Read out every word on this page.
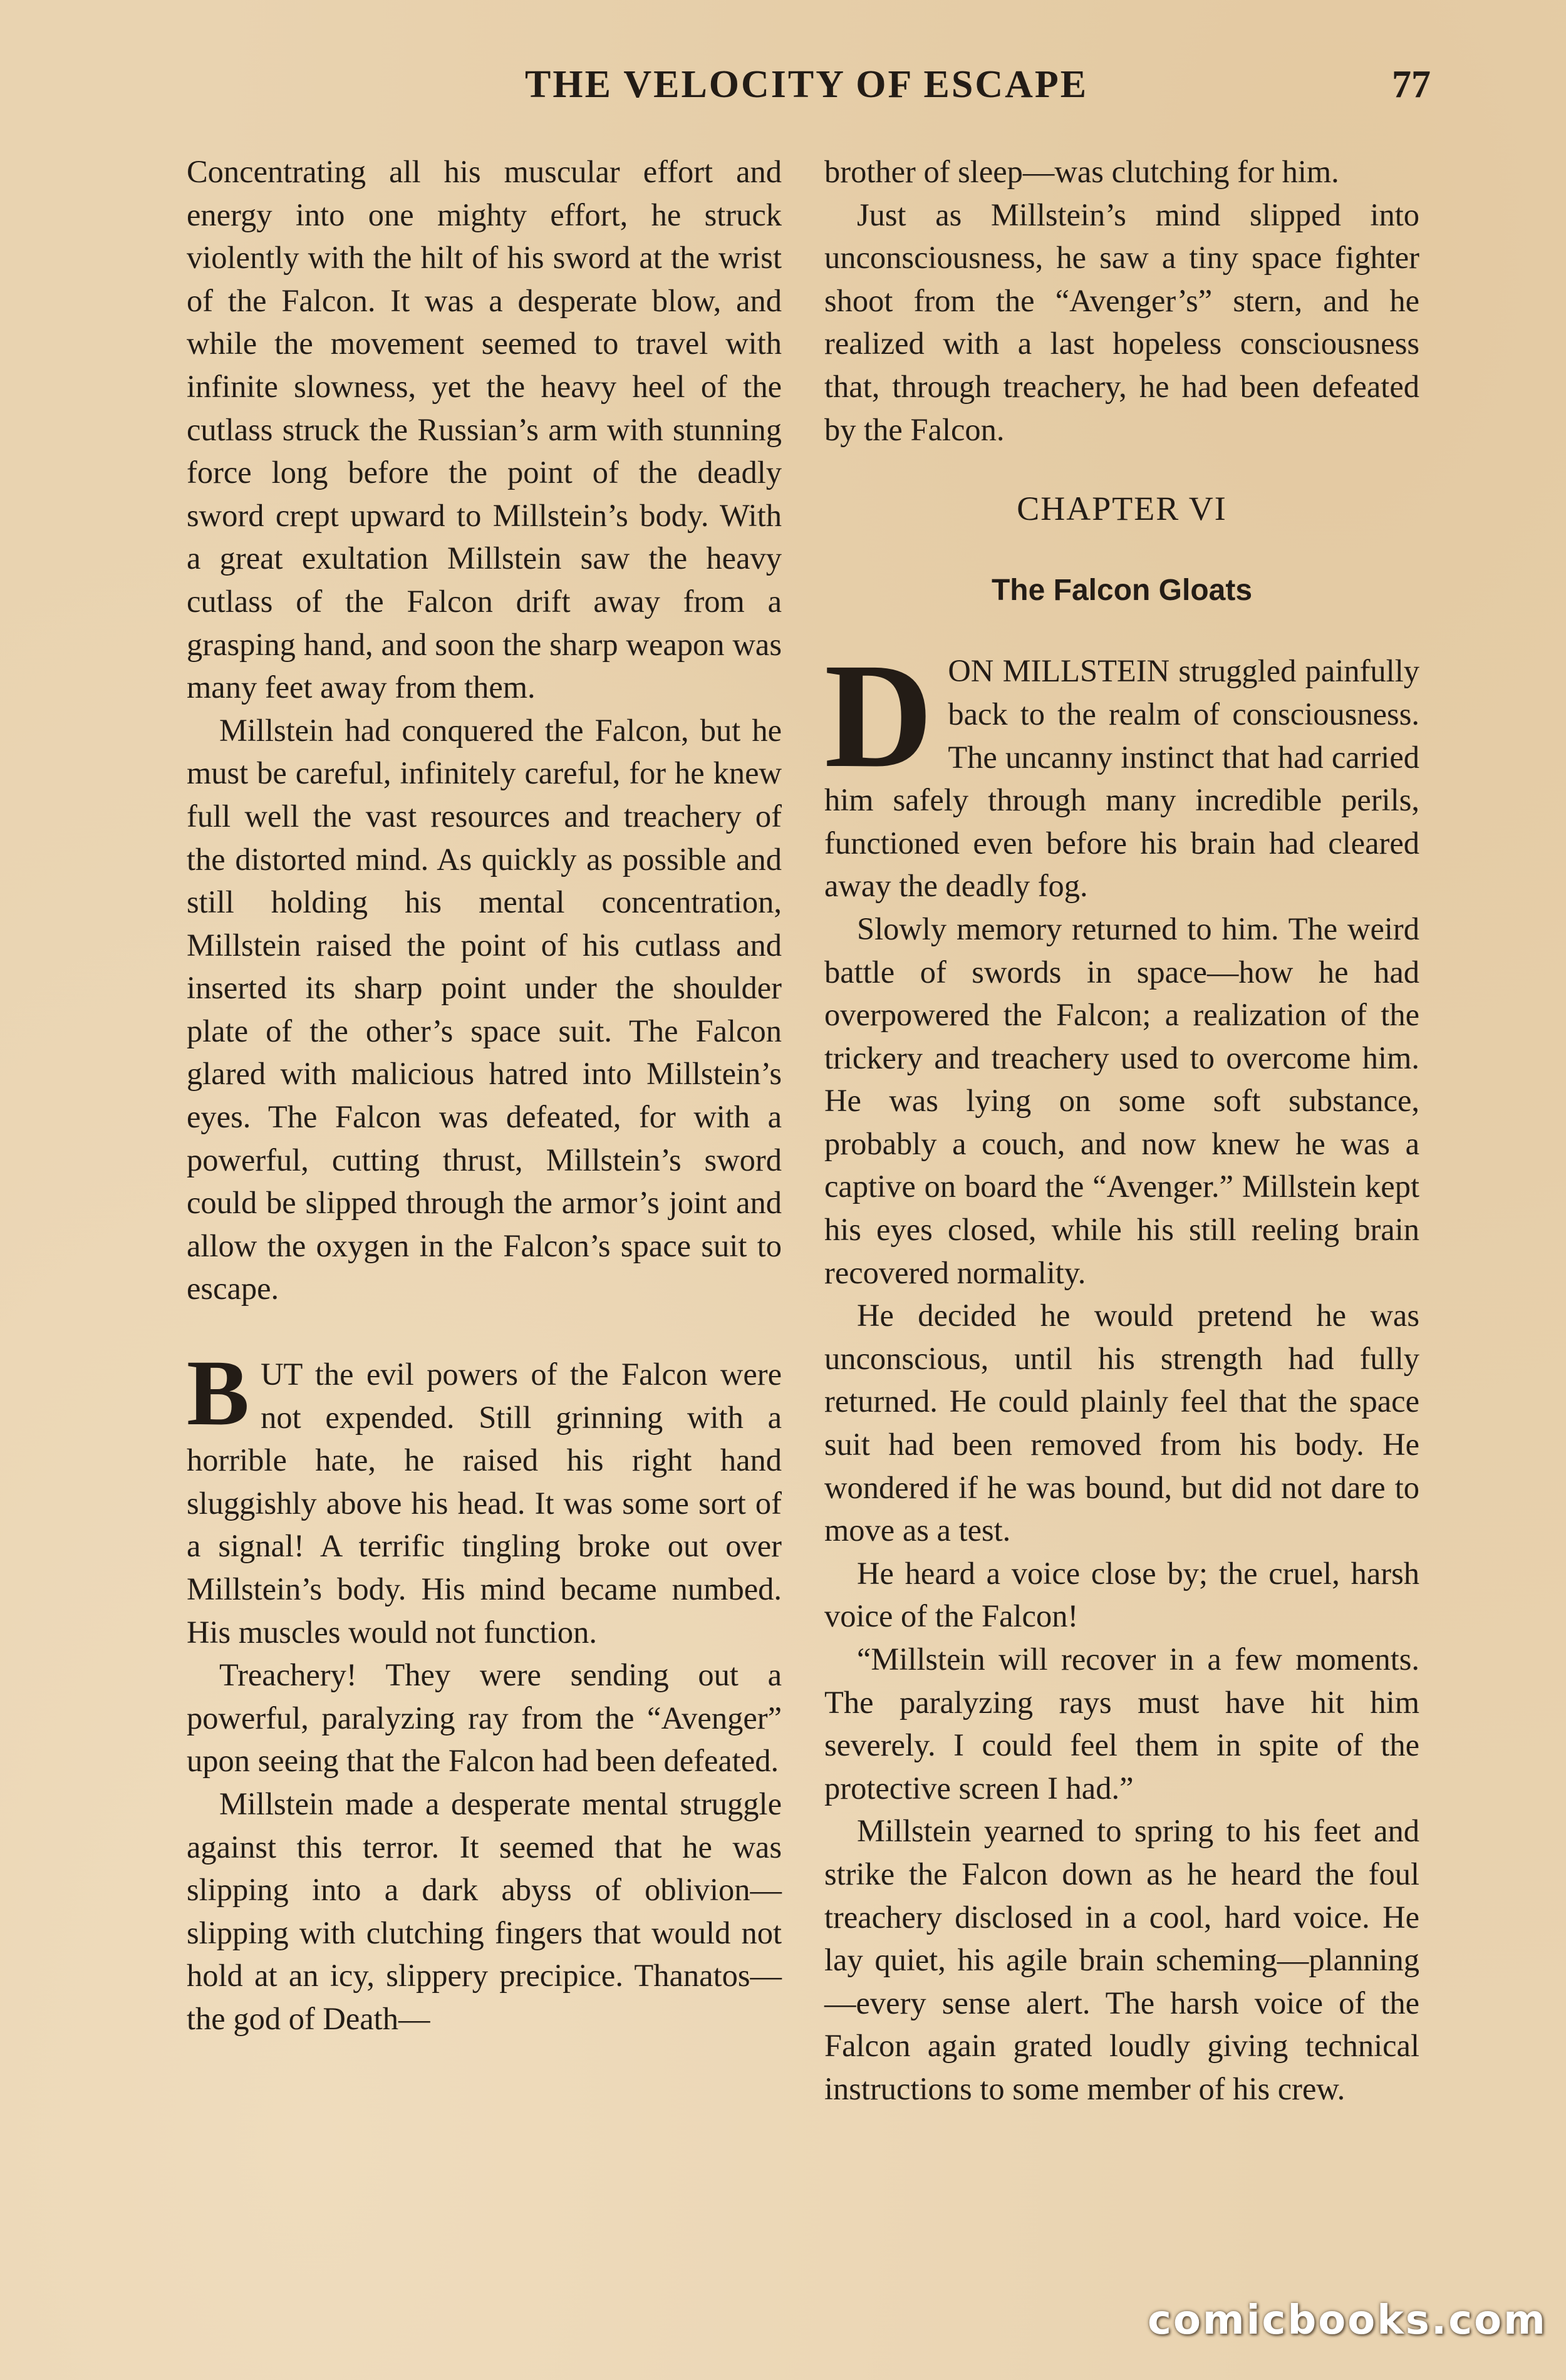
THE VELOCITY OF ESCAPE	77

Concentrating all his muscular effort and energy into one mighty effort, he struck violently with the hilt of his sword at the wrist of the Falcon. It was a desperate blow, and while the movement seemed to travel with infinite slowness, yet the heavy heel of the cutlass struck the Russian’s arm with stunning force long before the point of the deadly sword crept upward to Millstein’s body. With a great exultation Millstein saw the heavy cutlass of the Falcon drift away from a grasping hand, and soon the sharp weapon was many feet away from them.

Millstein had conquered the Falcon, but he must be careful, infinitely careful, for he knew full well the vast resources and treachery of the distorted mind. As quickly as possible and still holding his mental concentration, Millstein raised the point of his cutlass and inserted its sharp point under the shoulder plate of the other’s space suit. The Falcon glared with malicious hatred into Millstein’s eyes. The Falcon was defeated, for with a powerful, cutting thrust, Millstein’s sword could be slipped through the armor’s joint and allow the oxygen in the Falcon’s space suit to escape.

BUT the evil powers of the Falcon were not expended. Still grinning with a horrible hate, he raised his right hand sluggishly above his head. It was some sort of a signal! A terrific tingling broke out over Millstein’s body. His mind became numbed. His muscles would not function.

Treachery! They were sending out a powerful, paralyzing ray from the “Avenger” upon seeing that the Falcon had been defeated.

Millstein made a desperate mental struggle against this terror. It seemed that he was slipping into a dark abyss of oblivion—slipping with clutching fingers that would not hold at an icy, slippery precipice. Thanatos—the god of Death—

brother of sleep—was clutching for him.

Just as Millstein’s mind slipped into unconsciousness, he saw a tiny space fighter shoot from the “Avenger’s” stern, and he realized with a last hopeless consciousness that, through treachery, he had been defeated by the Falcon.

CHAPTER VI
The Falcon Gloats

DON MILLSTEIN struggled painfully back to the realm of consciousness. The uncanny instinct that had carried him safely through many incredible perils, functioned even before his brain had cleared away the deadly fog.

Slowly memory returned to him. The weird battle of swords in space—how he had overpowered the Falcon; a realization of the trickery and treachery used to overcome him. He was lying on some soft substance, probably a couch, and now knew he was a captive on board the “Avenger.” Millstein kept his eyes closed, while his still reeling brain recovered normality.

He decided he would pretend he was unconscious, until his strength had fully returned. He could plainly feel that the space suit had been removed from his body. He wondered if he was bound, but did not dare to move as a test.

He heard a voice close by; the cruel, harsh voice of the Falcon!

“Millstein will recover in a few moments. The paralyzing rays must have hit him severely. I could feel them in spite of the protective screen I had.”

Millstein yearned to spring to his feet and strike the Falcon down as he heard the foul treachery disclosed in a cool, hard voice. He lay quiet, his agile brain scheming—planning—every sense alert. The harsh voice of the Falcon again grated loudly giving technical instructions to some member of his crew.

comicbooks.com
